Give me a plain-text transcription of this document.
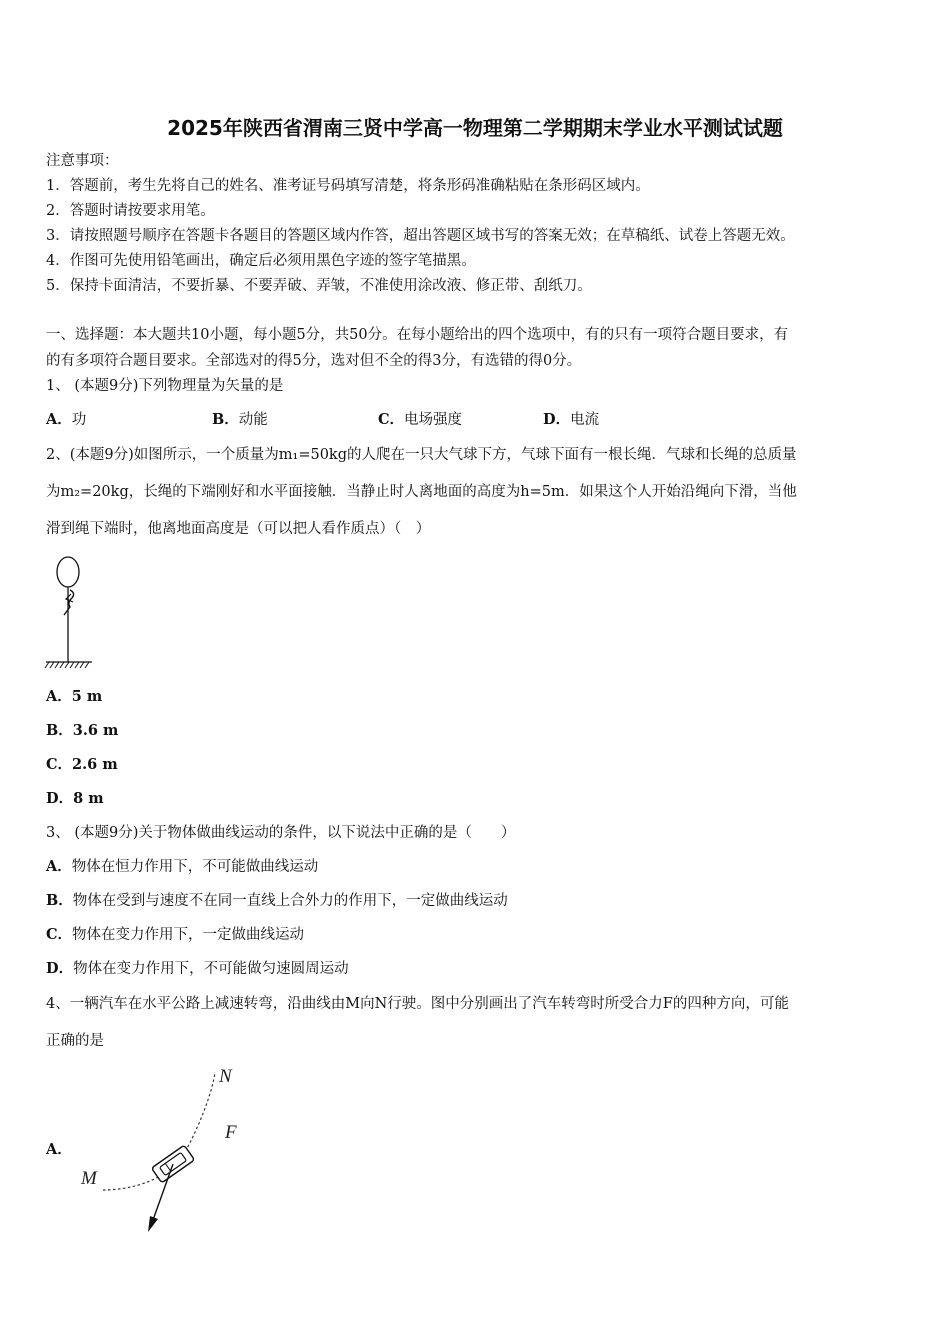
2025年陕西省渭南三贤中学高一物理第二学期期末学业水平测试试题
注意事项：
1．答题前，考生先将自己的姓名、准考证号码填写清楚，将条形码准确粘贴在条形码区域内。
2．答题时请按要求用笔。
3．请按照题号顺序在答题卡各题目的答题区域内作答，超出答题区域书写的答案无效；在草稿纸、试卷上答题无效。
4．作图可先使用铅笔画出，确定后必须用黑色字迹的签字笔描黑。
5．保持卡面清洁，不要折暴、不要弄破、弄皱，不准使用涂改液、修正带、刮纸刀。
一、选择题：本大题共10小题，每小题5分，共50分。在每小题给出的四个选项中，有的只有一项符合题目要求，有
的有多项符合题目要求。全部选对的得5分，选对但不全的得3分，有选错的得0分。
1、 (本题9分)下列物理量为矢量的是
A．功	B．动能	C．电场强度	D．电流
2、(本题9分)如图所示，一个质量为m₁=50kg的人爬在一只大气球下方，气球下面有一根长绳．气球和长绳的总质量
为m₂=20kg，长绳的下端刚好和水平面接触．当静止时人离地面的高度为h=5m．如果这个人开始沿绳向下滑，当他
滑到绳下端时，他离地面高度是（可以把人看作质点）（　）
A．5 m
B．3.6 m
C．2.6 m
D．8 m
3、 (本题9分)关于物体做曲线运动的条件，以下说法中正确的是（　　）
A．物体在恒力作用下，不可能做曲线运动
B．物体在受到与速度不在同一直线上合外力的作用下，一定做曲线运动
C．物体在变力作用下，一定做曲线运动
D．物体在变力作用下，不可能做匀速圆周运动
4、一辆汽车在水平公路上减速转弯，沿曲线由M向N行驶。图中分别画出了汽车转弯时所受合力F的四种方向，可能
正确的是
A．
N
F
M
